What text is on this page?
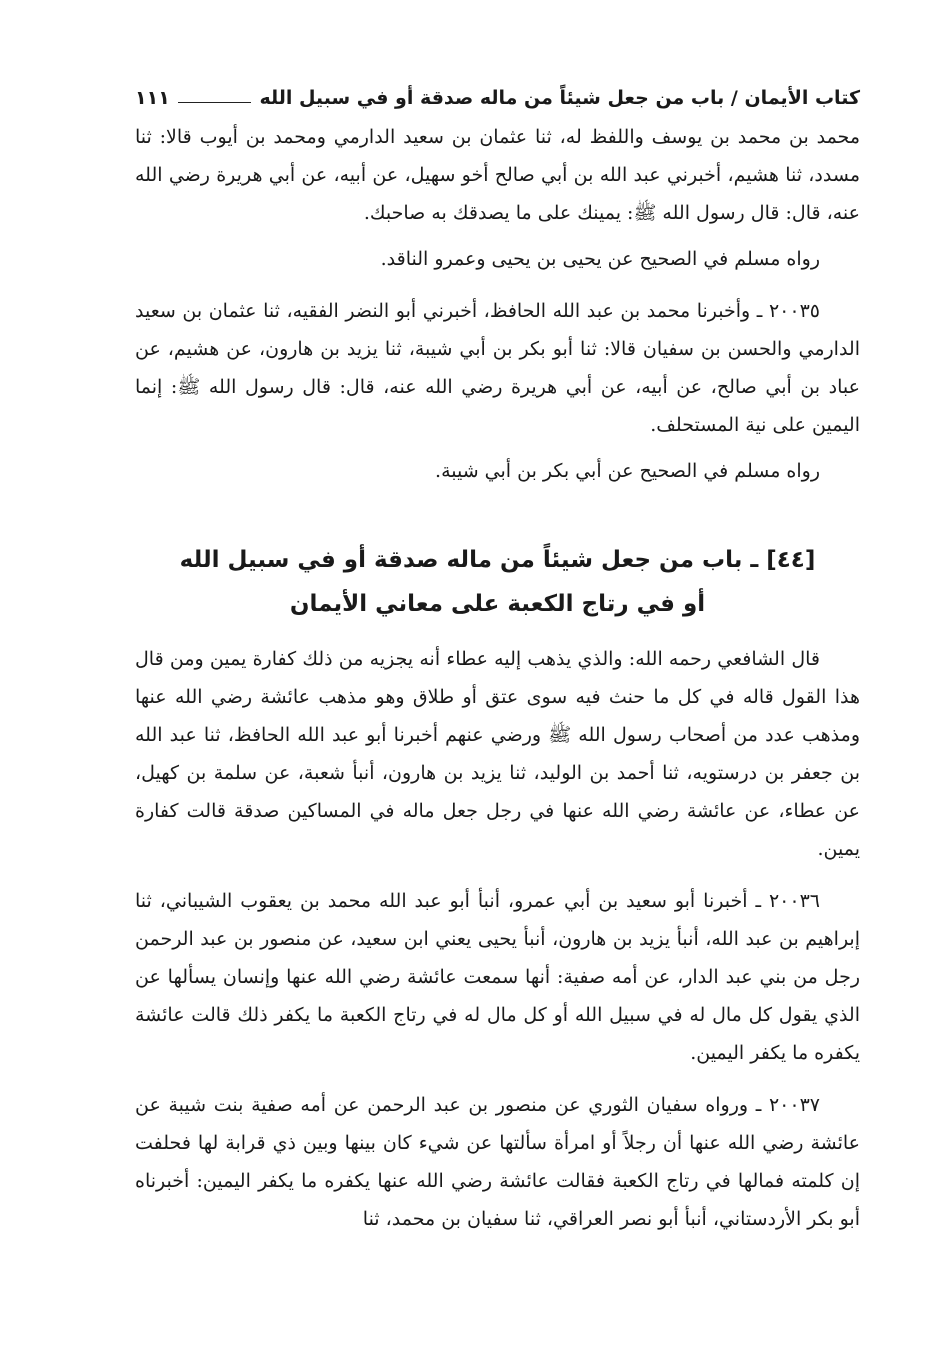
كتاب الأيمان / باب من جعل شيئاً من ماله صدقة أو في سبيل الله
١١١

محمد بن محمد بن يوسف واللفظ له، ثنا عثمان بن سعيد الدارمي ومحمد بن أيوب قالا: ثنا مسدد، ثنا هشيم، أخبرني عبد الله بن أبي صالح أخو سهيل، عن أبيه، عن أبي هريرة رضي الله عنه، قال: قال رسول الله ﷺ: يمينك على ما يصدقك به صاحبك.

رواه مسلم في الصحيح عن يحيى بن يحيى وعمرو الناقد.

٢٠٠٣٥ ـ وأخبرنا محمد بن عبد الله الحافظ، أخبرني أبو النضر الفقيه، ثنا عثمان بن سعيد الدارمي والحسن بن سفيان قالا: ثنا أبو بكر بن أبي شيبة، ثنا يزيد بن هارون، عن هشيم، عن عباد بن أبي صالح، عن أبيه، عن أبي هريرة رضي الله عنه، قال: قال رسول الله ﷺ: إنما اليمين على نية المستحلف.

رواه مسلم في الصحيح عن أبي بكر بن أبي شيبة.

[٤٤] ـ باب من جعل شيئاً من ماله صدقة أو في سبيل الله
أو في رتاج الكعبة على معاني الأيمان

قال الشافعي رحمه الله: والذي يذهب إليه عطاء أنه يجزيه من ذلك كفارة يمين ومن قال هذا القول قاله في كل ما حنث فيه سوى عتق أو طلاق وهو مذهب عائشة رضي الله عنها ومذهب عدد من أصحاب رسول الله ﷺ ورضي عنهم أخبرنا أبو عبد الله الحافظ، ثنا عبد الله بن جعفر بن درستويه، ثنا أحمد بن الوليد، ثنا يزيد بن هارون، أنبأ شعبة، عن سلمة بن كهيل، عن عطاء، عن عائشة رضي الله عنها في رجل جعل ماله في المساكين صدقة قالت كفارة يمين.

٢٠٠٣٦ ـ أخبرنا أبو سعيد بن أبي عمرو، أنبأ أبو عبد الله محمد بن يعقوب الشيباني، ثنا إبراهيم بن عبد الله، أنبأ يزيد بن هارون، أنبأ يحيى يعني ابن سعيد، عن منصور بن عبد الرحمن رجل من بني عبد الدار، عن أمه صفية: أنها سمعت عائشة رضي الله عنها وإنسان يسألها عن الذي يقول كل مال له في سبيل الله أو كل مال له في رتاج الكعبة ما يكفر ذلك قالت عائشة يكفره ما يكفر اليمين.

٢٠٠٣٧ ـ ورواه سفيان الثوري عن منصور بن عبد الرحمن عن أمه صفية بنت شيبة عن عائشة رضي الله عنها أن رجلاً أو امرأة سألتها عن شيء كان بينها وبين ذي قرابة لها فحلفت إن كلمته فمالها في رتاج الكعبة فقالت عائشة رضي الله عنها يكفره ما يكفر اليمين: أخبرناه أبو بكر الأردستاني، أنبأ أبو نصر العراقي، ثنا سفيان بن محمد، ثنا
